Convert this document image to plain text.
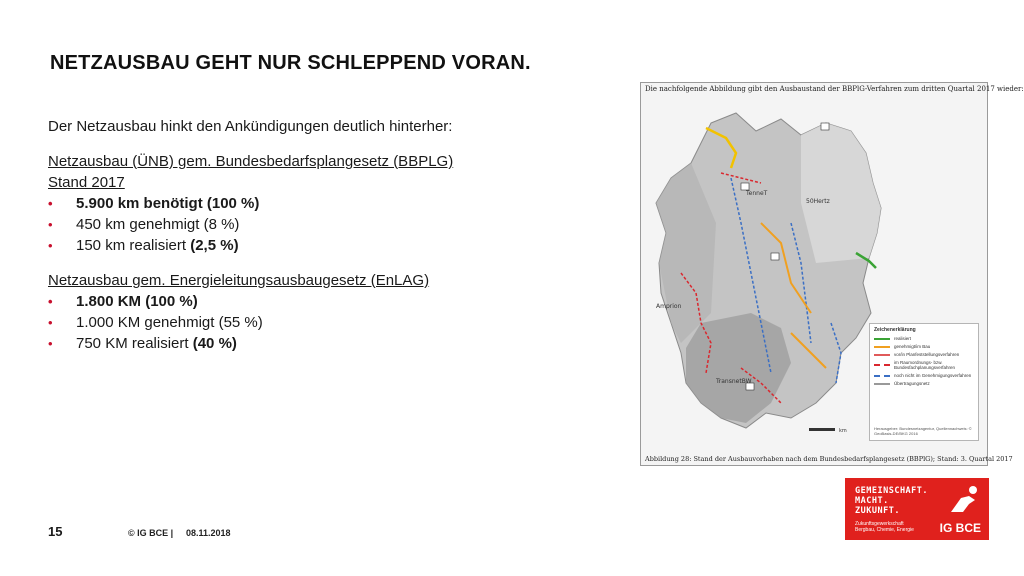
NETZAUSBAU GEHT NUR SCHLEPPEND VORAN.

Der Netzausbau hinkt den Ankündigungen deutlich hinterher:

Netzausbau (ÜNB) gem. Bundesbedarfsplangesetz (BBPLG) Stand 2017

• 5.900 km benötigt (100 %)
• 450 km genehmigt (8 %)
• 150 km realisiert (2,5 %)

Netzausbau gem. Energieleitungsausbaugesetz (EnLAG)

• 1.800 KM (100 %)
• 1.000 KM genehmigt (55 %)
• 750 KM realisiert (40 %)
Die nachfolgende Abbildung gibt den Ausbaustand der BBPlG-Verfahren zum dritten Quartal 2017 wieder:
TenneT
50Hertz
Amprion
TransnetBW
km
Zeichenerklärung
realisiert
genehmigt/im Bau
vor/in Planfeststellungsverfahren
im Raumordnungs- bzw. Bundesfachplanungsverfahren
noch nicht im Genehmigungsverfahren
Übertragungsnetz
Herausgeber: Bundesnetzagentur, Quellennachweis: © GeoBasis-DE/BKG 2016
Abbildung 28: Stand der Ausbauvorhaben nach dem Bundesbedarfsplangesetz (BBPlG); Stand: 3. Quartal 2017
15	© IG BCE | 08.11.2018
GEMEINSCHAFT.
MACHT.
ZUKUNFT.
Zukunftsgewerkschaft
Bergbau, Chemie, Energie IG BCE
